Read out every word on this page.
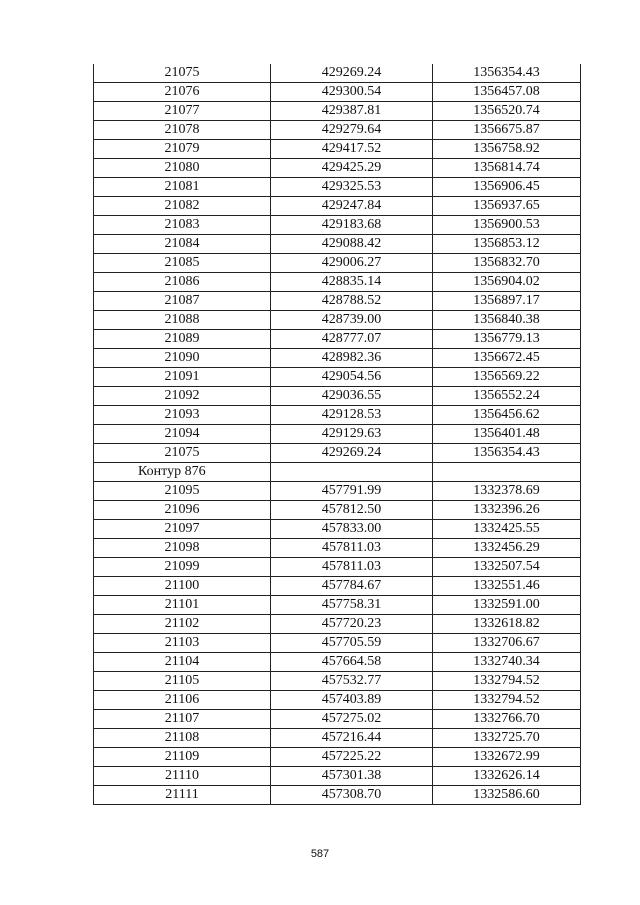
21075	429269.24	1356354.43
21076	429300.54	1356457.08
21077	429387.81	1356520.74
21078	429279.64	1356675.87
21079	429417.52	1356758.92
21080	429425.29	1356814.74
21081	429325.53	1356906.45
21082	429247.84	1356937.65
21083	429183.68	1356900.53
21084	429088.42	1356853.12
21085	429006.27	1356832.70
21086	428835.14	1356904.02
21087	428788.52	1356897.17
21088	428739.00	1356840.38
21089	428777.07	1356779.13
21090	428982.36	1356672.45
21091	429054.56	1356569.22
21092	429036.55	1356552.24
21093	429128.53	1356456.62
21094	429129.63	1356401.48
21075	429269.24	1356354.43
Контур 876		
21095	457791.99	1332378.69
21096	457812.50	1332396.26
21097	457833.00	1332425.55
21098	457811.03	1332456.29
21099	457811.03	1332507.54
21100	457784.67	1332551.46
21101	457758.31	1332591.00
21102	457720.23	1332618.82
21103	457705.59	1332706.67
21104	457664.58	1332740.34
21105	457532.77	1332794.52
21106	457403.89	1332794.52
21107	457275.02	1332766.70
21108	457216.44	1332725.70
21109	457225.22	1332672.99
21110	457301.38	1332626.14
21111	457308.70	1332586.60
587
